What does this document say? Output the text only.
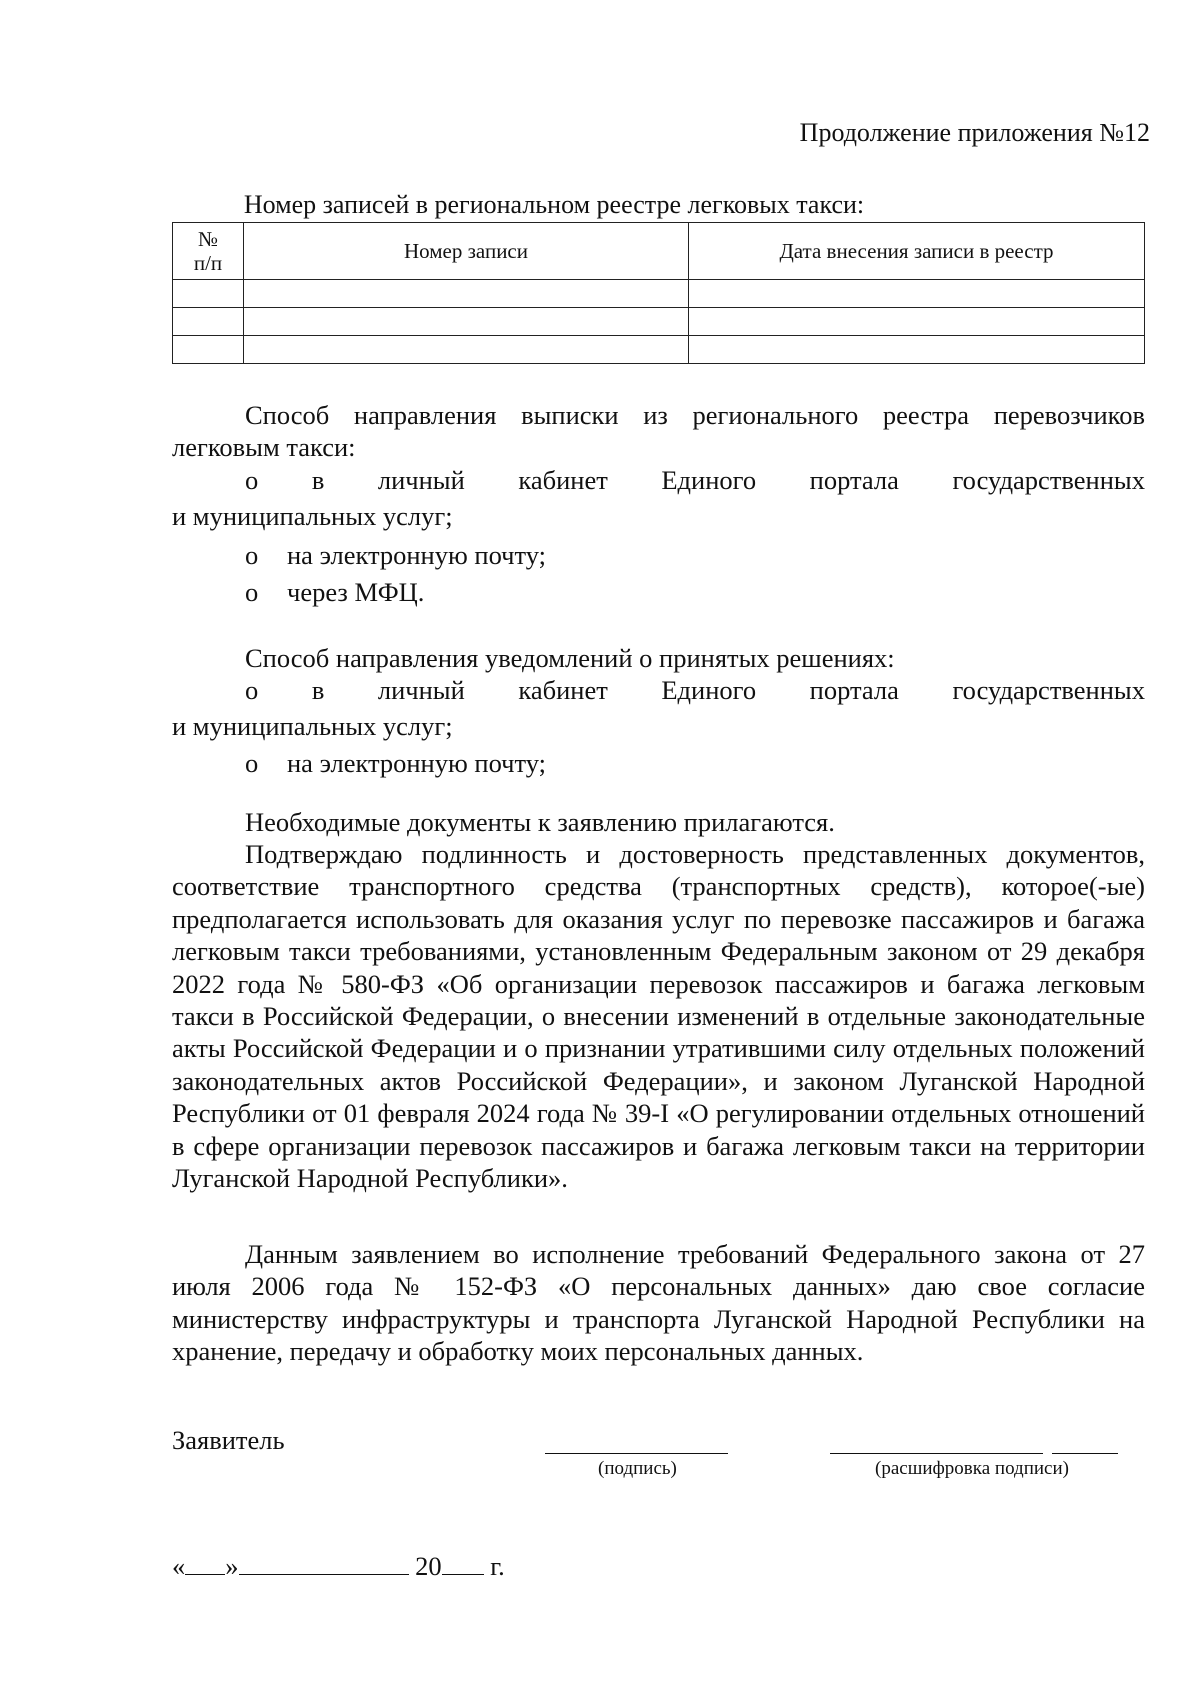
Продолжение приложения №12
Номер записей в региональном реестре легковых такси:
№
п/п	Номер записи	Дата внесения записи в реестр

Способ направления выписки из регионального реестра перевозчиков
легковым такси:
o в личный кабинет Единого портала государственных
и муниципальных услуг;
o на электронную почту;
o через МФЦ.
Способ направления уведомлений о принятых решениях:
o в личный кабинет Единого портала государственных
и муниципальных услуг;
o на электронную почту;
Необходимые документы к заявлению прилагаются.
Подтверждаю подлинность и достоверность представленных документов, соответствие транспортного средства (транспортных средств), которое(-ые) предполагается использовать для оказания услуг по перевозке пассажиров и багажа легковым такси требованиями, установленным Федеральным законом от 29 декабря 2022 года № 580-ФЗ «Об организации перевозок пассажиров и багажа легковым такси в Российской Федерации, о внесении изменений в отдельные законодательные акты Российской Федерации и о признании утратившими силу отдельных положений законодательных актов Российской Федерации», и законом Луганской Народной Республики от 01 февраля 2024 года № 39-I «О регулировании отдельных отношений в сфере организации перевозок пассажиров и багажа легковым такси на территории Луганской Народной Республики».
Данным заявлением во исполнение требований Федерального закона от 27 июля 2006 года № 152-ФЗ «О персональных данных» даю свое согласие министерству инфраструктуры и транспорта Луганской Народной Республики на хранение, передачу и обработку моих персональных данных.
Заявитель
(подпись)	(расшифровка подписи)
« »	20 г.
